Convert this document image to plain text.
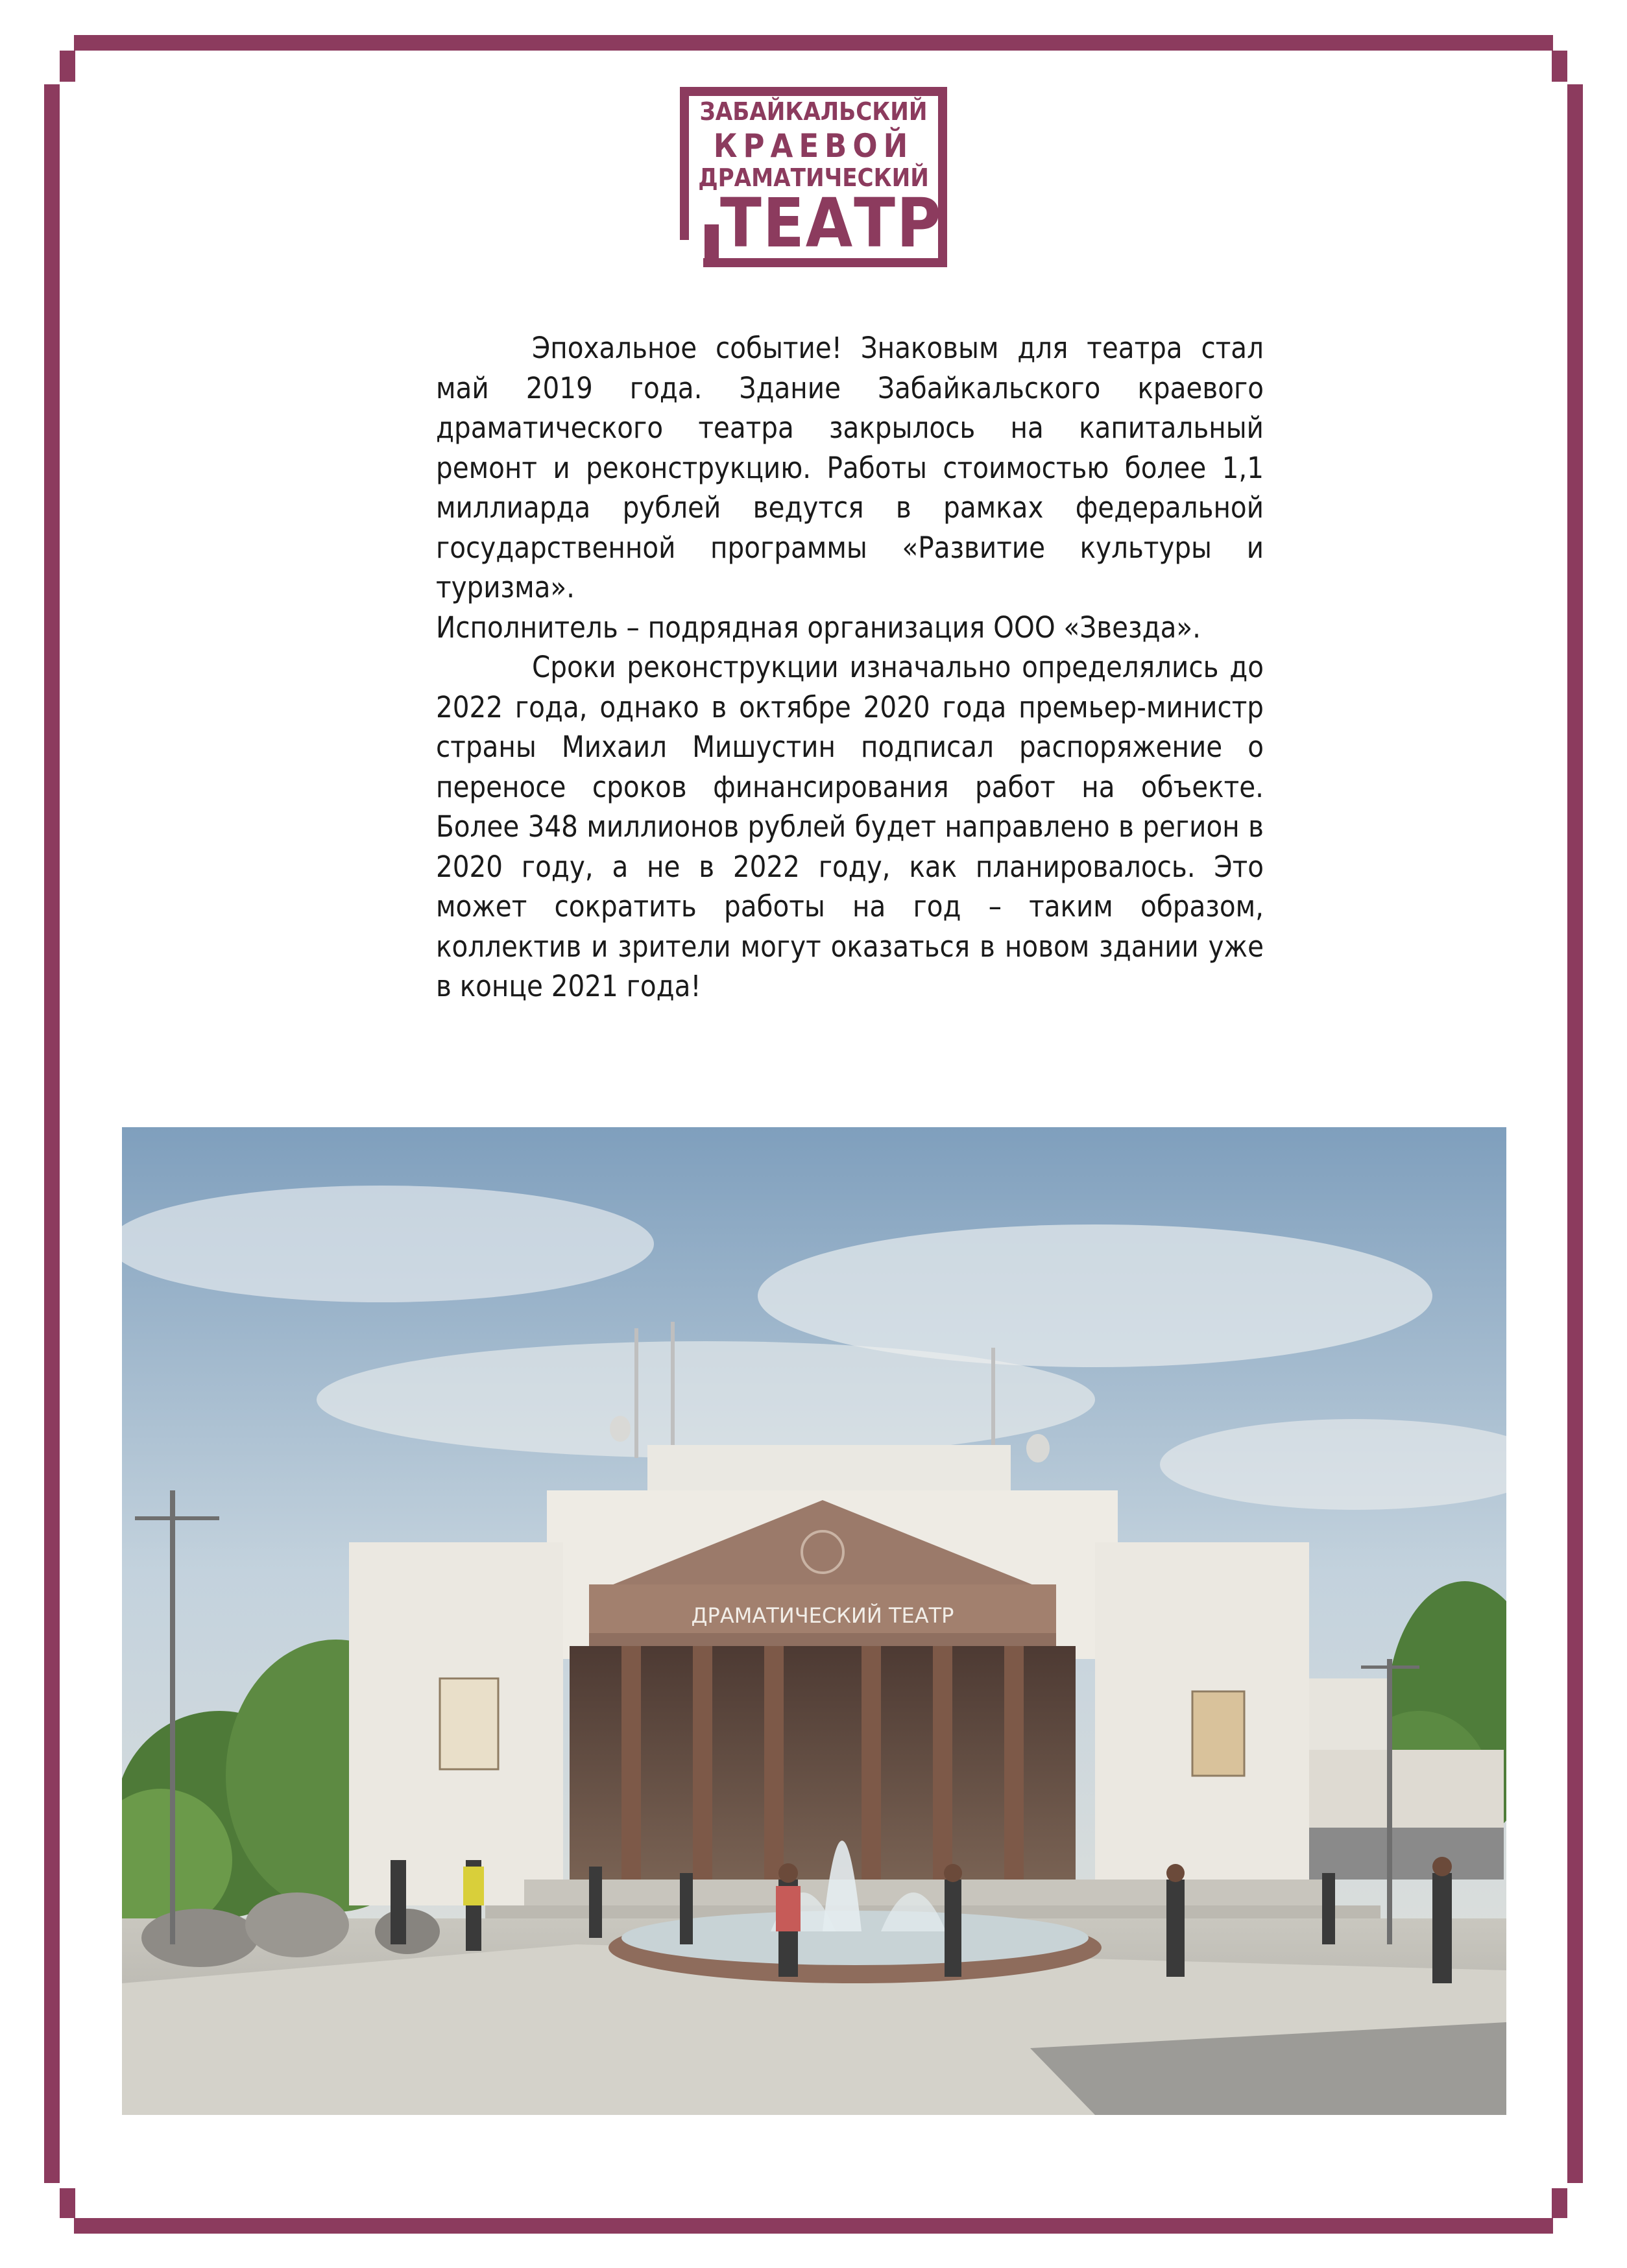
ЗАБАЙКАЛЬСКИЙ
КРАЕВОЙ
ДРАМАТИЧЕСКИЙ
ТЕАТР

Эпохальное событие! Знаковым для театра стал май 2019 года. Здание Забайкальского краевого драматического театра закрылось на капитальный ремонт и реконструкцию. Работы стоимостью более 1,1 миллиарда рублей ведутся в рамках федеральной государственной программы «Развитие культуры и туризма».

Исполнитель – подрядная организация ООО «Звезда».

Сроки реконструкции изначально определялись до 2022 года, однако в октябре 2020 года премьер-министр страны Михаил Мишустин подписал распоряжение о переносе сроков финансирования работ на объекте. Более 348 миллионов рублей будет направлено в регион в 2020 году, а не в 2022 году, как планировалось. Это может сократить работы на год – таким образом, коллектив и зрители могут оказаться в новом здании уже в конце 2021 года!

ДРАМАТИЧЕСКИЙ ТЕАТР
